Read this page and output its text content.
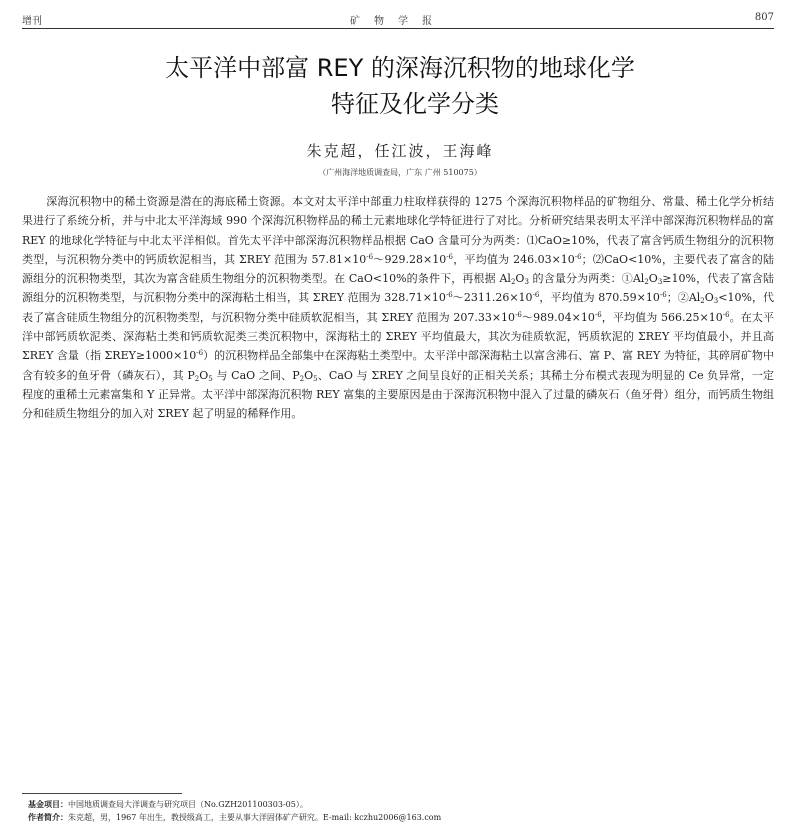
增刊	矿物学报	807
太平洋中部富 REY 的深海沉积物的地球化学
特征及化学分类
朱克超，任江波，王海峰
（广州海洋地质调查局，广东 广州 510075）
深海沉积物中的稀土资源是潜在的海底稀土资源。本文对太平洋中部重力柱取样获得的 1275 个深海沉积物样品的矿物组分、常量、稀土化学分析结果进行了系统分析，并与中北太平洋海域 990 个深海沉积物样品的稀土元素地球化学特征进行了对比。分析研究结果表明太平洋中部深海沉积物样品的富 REY 的地球化学特征与中北太平洋相似。首先太平洋中部深海沉积物样品根据 CaO 含量可分为两类：⑴CaO≥10%，代表了富含钙质生物组分的沉积物类型，与沉积物分类中的钙质软泥相当，其 ΣREY 范围为 $57.81\times 10^{-6}\sim 929.28\times 10^{-6}$，平均值为 $246.03\times 10^{-6}$；⑵CaO<10%，主要代表了富含的陆源组分的沉积物类型，其次为富含硅质生物组分的沉积物类型。在 CaO<10%的条件下，再根据 $Al_2O_3$ 的含量分为两类：$①Al_2O_3\ge 10\%$，代表了富含陆源组分的沉积物类型，与沉积物分类中的深海粘土相当，其 ΣREY 范围为 $328.71\times 10^{-6}\sim 2311.26\times 10^{-6}$，平均值为 $870.59\times 10^{-6}$；$②Al_2O_3<10\%$，代表了富含硅质生物组分的沉积物类型，与沉积物分类中硅质软泥相当，其 ΣREY 范围为 $207.33\times 10^{-6}\sim 989.04\times 10^{-6}$，平均值为 $566.25\times 10^{-6}$。在太平洋中部钙质软泥类、深海粘土类和钙质软泥类三类沉积物中，深海粘土的 ΣREY 平均值最大，其次为硅质软泥，钙质软泥的 ΣREY 平均值最小，并且高 ΣREY 含量（指 $\Sigma REY\ge 1000\times 10^{-6}$）的沉积物样品全部集中在深海粘土类型中。太平洋中部深海粘土以富含沸石、富 P、富 REY 为特征，其碎屑矿物中含有较多的鱼牙骨（磷灰石），其 $P_2O_5$ 与 CaO 之间、$P_2O_5$、CaO 与 ΣREY 之间呈良好的正相关关系；其稀土分布模式表现为明显的 Ce 负异常，一定程度的重稀土元素富集和 Y 正异常。太平洋中部深海沉积物 REY 富集的主要原因是由于深海沉积物中混入了过量的磷灰石（鱼牙骨）组分，而钙质生物组分和硅质生物组分的加入对 ΣREY 起了明显的稀释作用。
基金项目：中国地质调查局大洋调查与研究项目（No.GZH201100303-05）。
作者简介：朱克超，男，1967 年出生，教授级高工，主要从事大洋固体矿产研究。E-mail: kczhu2006@163.com
